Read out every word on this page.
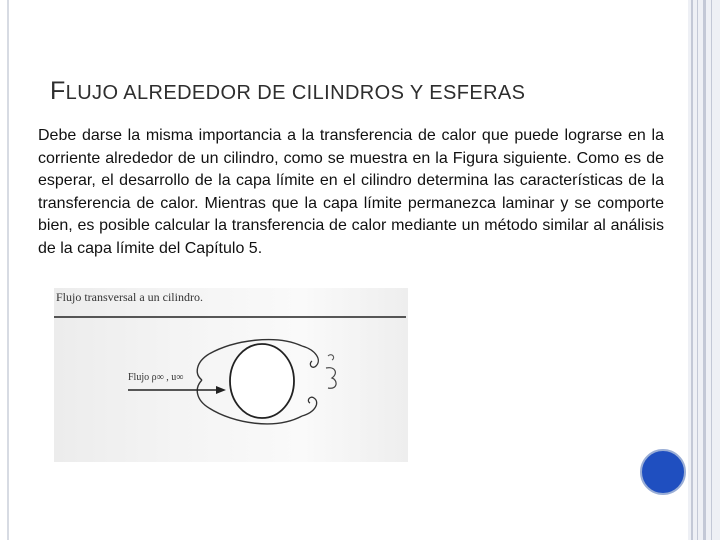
FLUJO ALREDEDOR DE CILINDROS Y ESFERAS

Debe darse la misma importancia a la transferencia de calor que puede lograrse en la corriente alrededor de un cilindro, como se muestra en la Figura siguiente. Como es de esperar, el desarrollo de la capa límite en el cilindro determina las características de la transferencia de calor. Mientras que la capa límite permanezca laminar y se comporte bien, es posible calcular la transferencia de calor mediante un método similar al análisis de la capa límite del Capítulo 5.

Flujo transversal a un cilindro.
Flujo ρ∞ , u∞
